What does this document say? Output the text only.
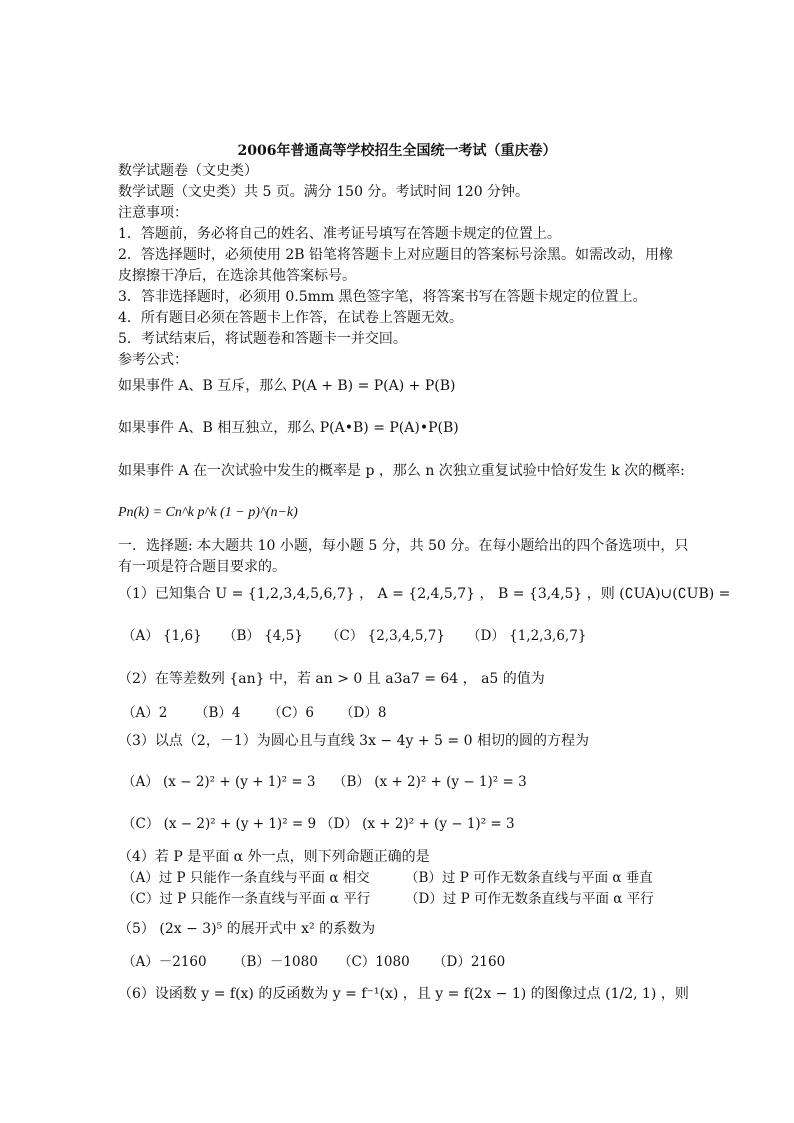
2006年普通高等学校招生全国统一考试（重庆卷）
数学试题卷（文史类）
数学试题（文史类）共 5 页。满分 150 分。考试时间 120 分钟。
注意事项：
1．答题前，务必将自己的姓名、准考证号填写在答题卡规定的位置上。
2．答选择题时，必须使用 2B 铅笔将答题卡上对应题目的答案标号涂黑。如需改动，用橡
皮擦擦干净后，在选涂其他答案标号。
3．答非选择题时，必须用 0.5mm 黑色签字笔，将答案书写在答题卡规定的位置上。
4．所有题目必须在答题卡上作答，在试卷上答题无效。
5．考试结束后，将试题卷和答题卡一并交回。
参考公式：
如果事件 A、B 互斥，那么 P(A + B) = P(A) + P(B)
如果事件 A、B 相互独立，那么 P(A•B) = P(A)•P(B)
如果事件 A 在一次试验中发生的概率是 p ，那么 n 次独立重复试验中恰好发生 k 次的概率:
Pn(k) = Cn^k p^k (1 − p)^(n−k)
一．选择题: 本大题共 10 小题，每小题 5 分，共 50 分。在每小题给出的四个备选项中，只
有一项是符合题目要求的。
（1）已知集合 U = {1,2,3,4,5,6,7} ， A = {2,4,5,7} ， B = {3,4,5} ，则 (∁UA)∪(∁UB) =
（A） {1,6} （B） {4,5} （C） {2,3,4,5,7} （D） {1,2,3,6,7}
（2）在等差数列 {an} 中，若 an > 0 且 a3a7 = 64 ， a5 的值为
（A）2 （B）4 （C）6 （D）8
（3）以点（2，－1）为圆心且与直线 3x − 4y + 5 = 0 相切的圆的方程为
（A） (x − 2)² + (y + 1)² = 3 （B） (x + 2)² + (y − 1)² = 3
（C） (x − 2)² + (y + 1)² = 9 （D） (x + 2)² + (y − 1)² = 3
（4）若 P 是平面 α 外一点，则下列命题正确的是
（A）过 P 只能作一条直线与平面 α 相交	（B）过 P 可作无数条直线与平面 α 垂直
（C）过 P 只能作一条直线与平面 α 平行	（D）过 P 可作无数条直线与平面 α 平行
（5） (2x − 3)⁵ 的展开式中 x² 的系数为
（A）－2160 （B）－1080 （C）1080 （D）2160
（6）设函数 y = f(x) 的反函数为 y = f⁻¹(x) ，且 y = f(2x − 1) 的图像过点 (1/2, 1) ，则
